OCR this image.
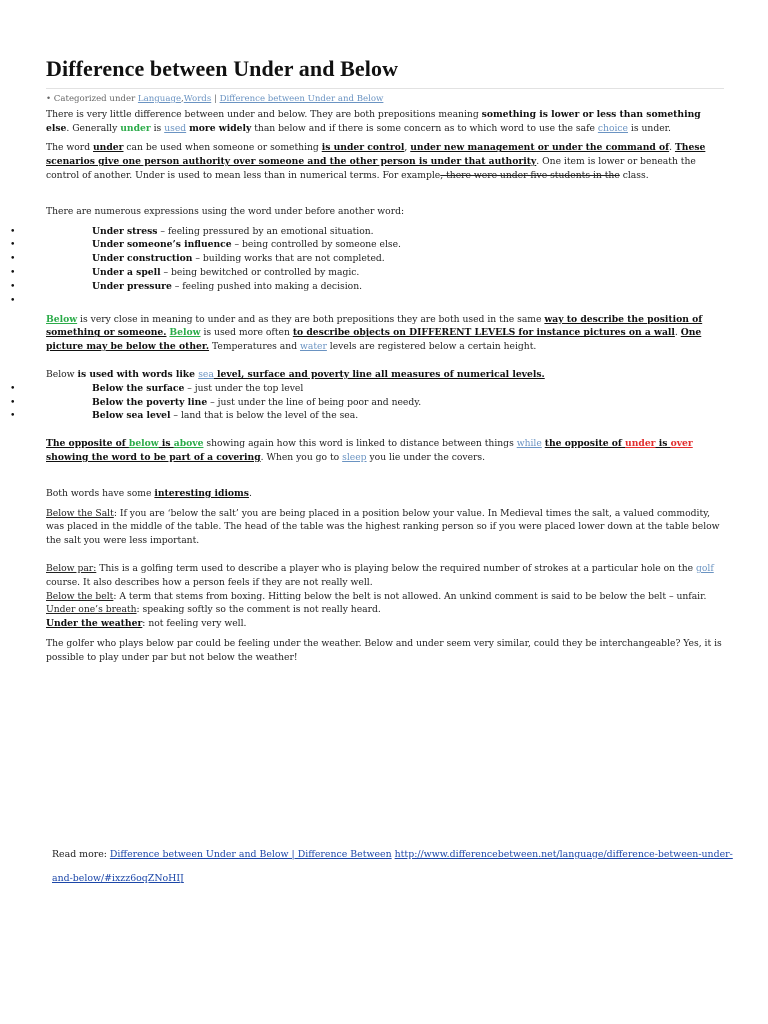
Difference between Under and Below
• Categorized under Language,Words | Difference between Under and Below

There is very little difference between under and below. They are both prepositions meaning something is lower or less than something else. Generally under is used more widely than below and if there is some concern as to which word to use the safe choice is under.

The word under can be used when someone or something is under control, under new management or under the command of. These scenarios give one person authority over someone and the other person is under that authority. One item is lower or beneath the control of another. Under is used to mean less than in numerical terms. For example, there were under five students in the class.

There are numerous expressions using the word under before another word:

• Under stress – feeling pressured by an emotional situation.
• Under someone’s influence – being controlled by someone else.
• Under construction – building works that are not completed.
• Under a spell – being bewitched or controlled by magic.
• Under pressure – feeling pushed into making a decision.
•

Below is very close in meaning to under and as they are both prepositions they are both used in the same way to describe the position of something or someone. Below is used more often to describe objects on DIFFERENT LEVELS for instance pictures on a wall. One picture may be below the other. Temperatures and water levels are registered below a certain height.

Below is used with words like sea level, surface and poverty line all measures of numerical levels.

• Below the surface – just under the top level
• Below the poverty line – just under the line of being poor and needy.
• Below sea level – land that is below the level of the sea.

The opposite of below is above showing again how this word is linked to distance between things while the opposite of under is over showing the word to be part of a covering. When you go to sleep you lie under the covers.

Both words have some interesting idioms.

Below the Salt: If you are ‘below the salt’ you are being placed in a position below your value. In Medieval times the salt, a valued commodity, was placed in the middle of the table. The head of the table was the highest ranking person so if you were placed lower down at the table below the salt you were less important.

Below par: This is a golfing term used to describe a player who is playing below the required number of strokes at a particular hole on the golf course. It also describes how a person feels if they are not really well.

Below the belt: A term that stems from boxing. Hitting below the belt is not allowed. An unkind comment is said to be below the belt – unfair.

Under one’s breath: speaking softly so the comment is not really heard.

Under the weather: not feeling very well.

The golfer who plays below par could be feeling under the weather. Below and under seem very similar, could they be interchangeable? Yes, it is possible to play under par but not below the weather!

Read more: Difference between Under and Below | Difference Between http://www.differencebetween.net/language/difference-between-under-and-below/#ixzz6oqZNoHIJ
